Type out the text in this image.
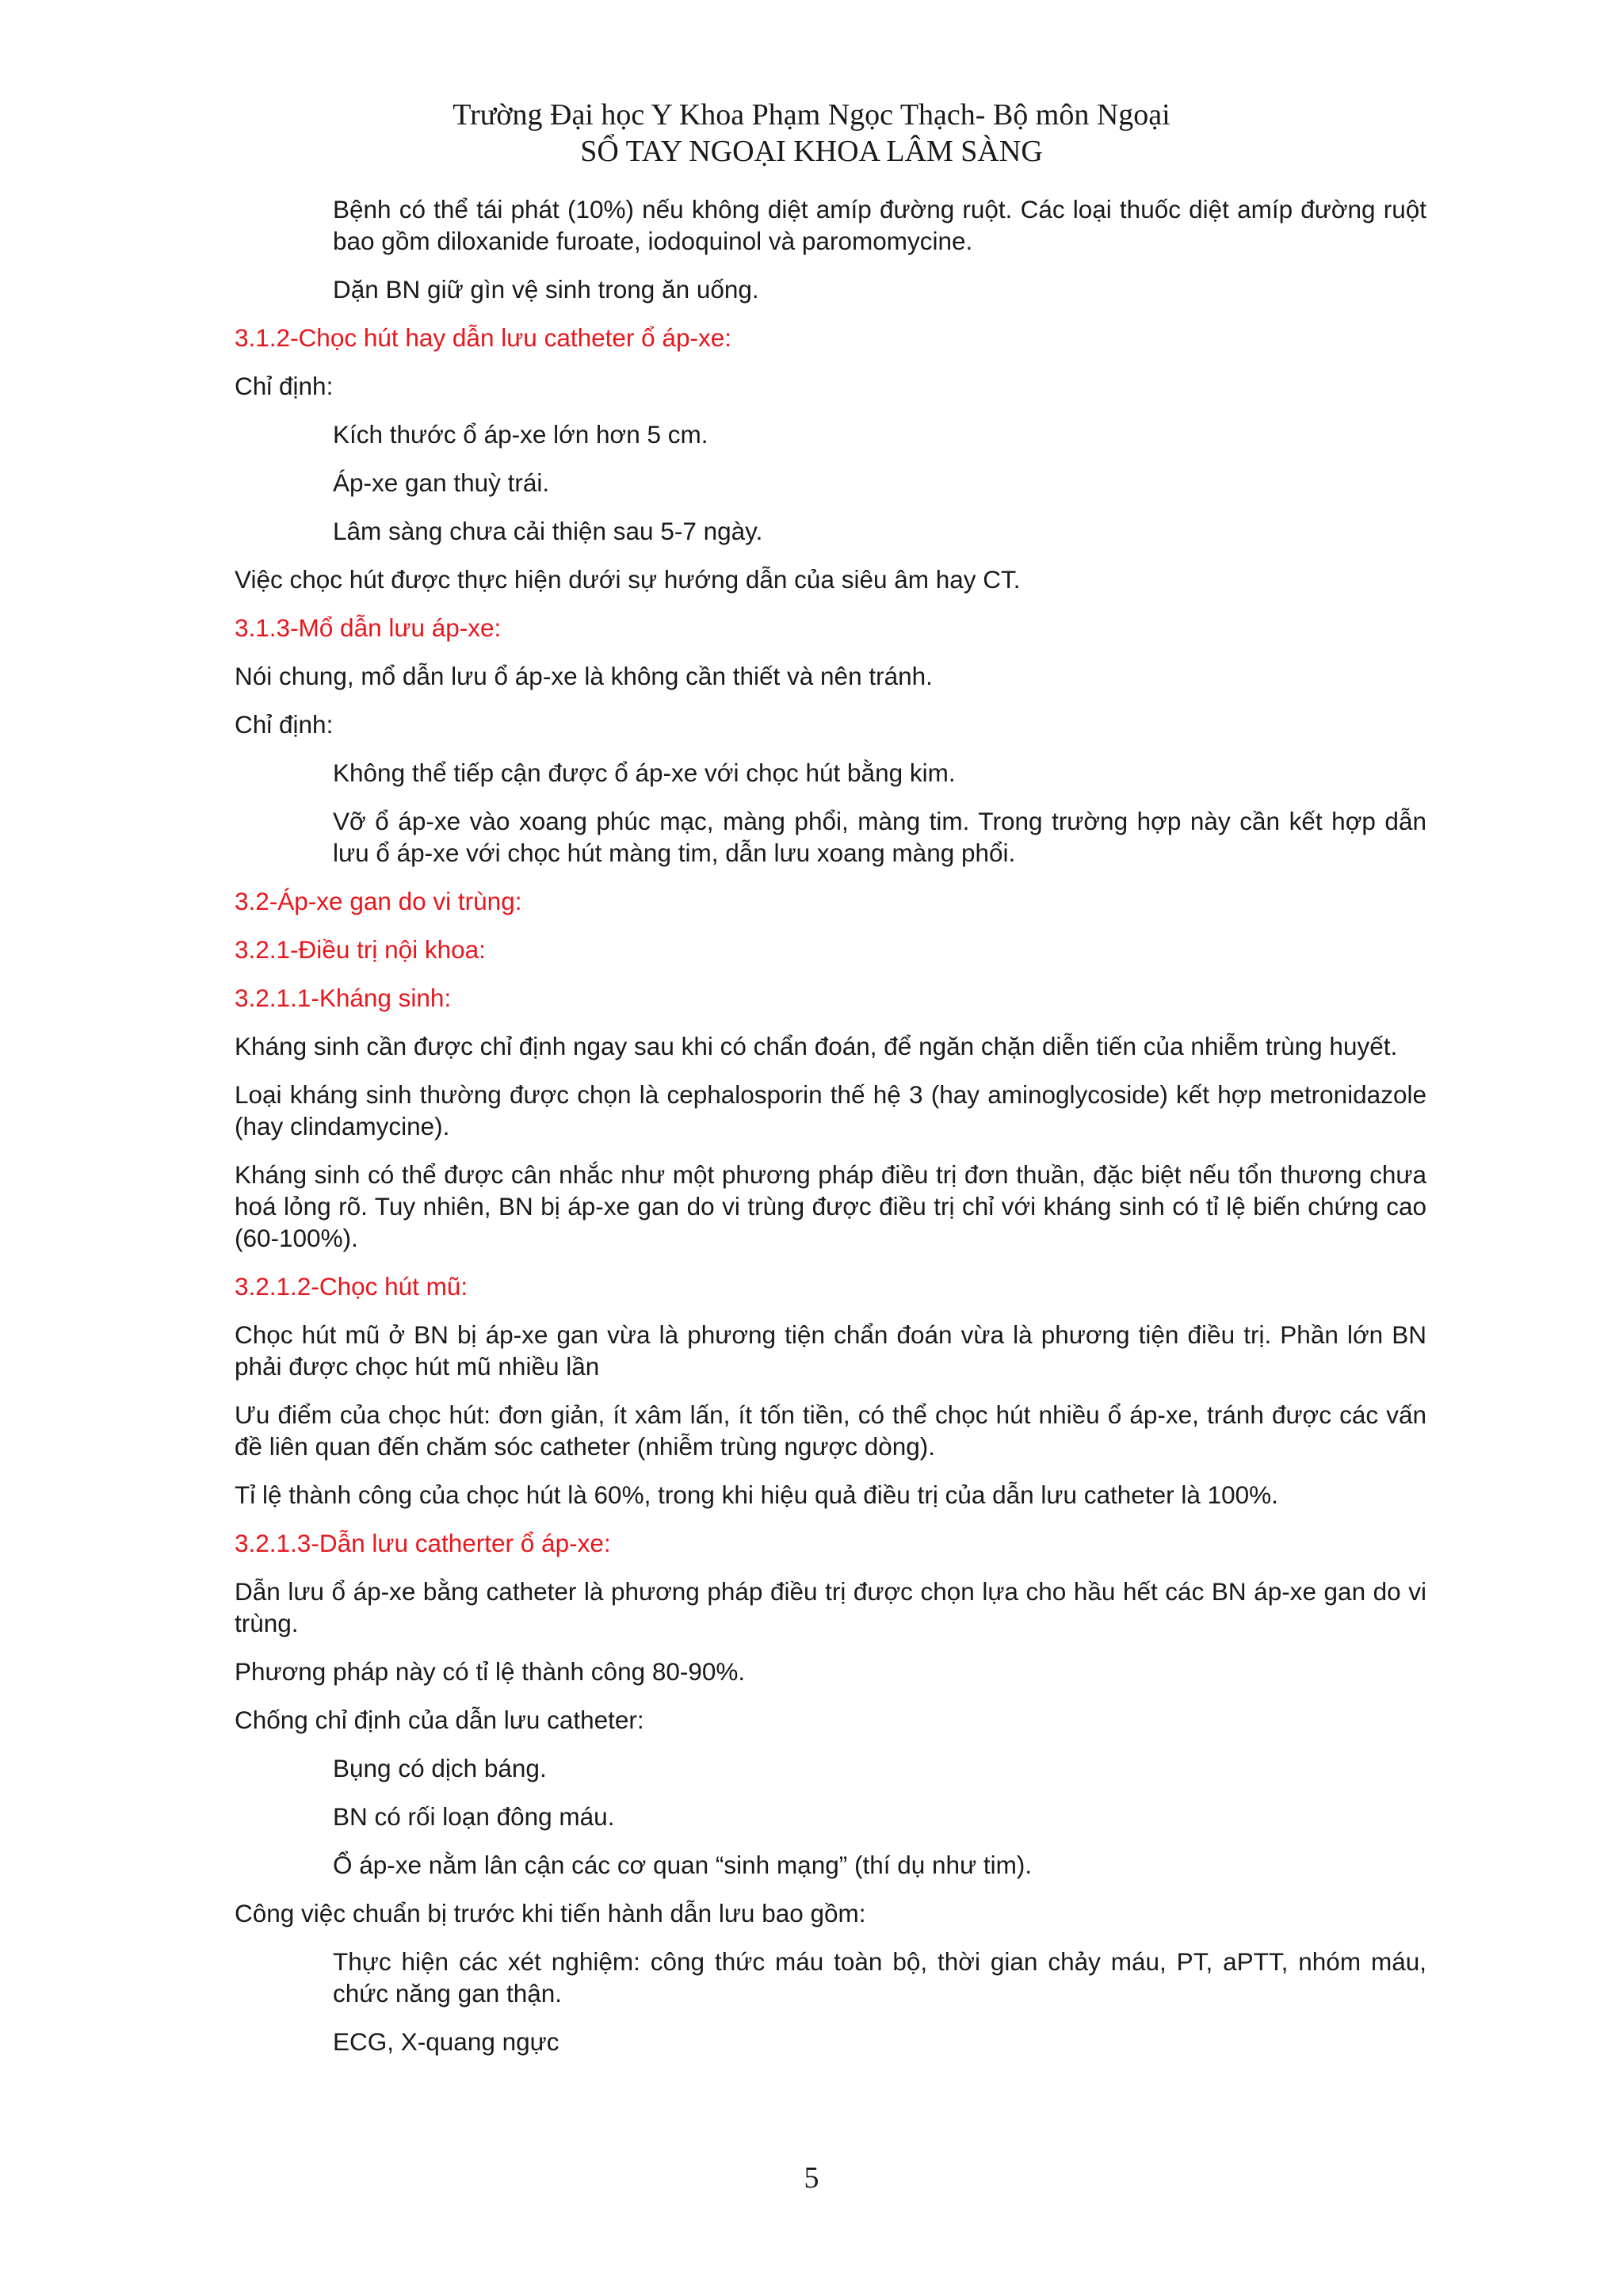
Trường Đại học Y Khoa Phạm Ngọc Thạch- Bộ môn Ngoại
SỔ TAY NGOẠI KHOA LÂM SÀNG
Bệnh có thể tái phát (10%) nếu không diệt amíp đường ruột. Các loại thuốc diệt amíp đường ruột bao gồm diloxanide furoate, iodoquinol và paromomycine.
Dặn BN giữ gìn vệ sinh trong ăn uống.
3.1.2-Chọc hút hay dẫn lưu catheter ổ áp-xe:
Chỉ định:
Kích thước ổ áp-xe lớn hơn 5 cm.
Áp-xe gan thuỳ trái.
Lâm sàng chưa cải thiện sau 5-7 ngày.
Việc chọc hút được thực hiện dưới sự hướng dẫn của siêu âm hay CT.
3.1.3-Mổ dẫn lưu áp-xe:
Nói chung, mổ dẫn lưu ổ áp-xe là không cần thiết và nên tránh.
Chỉ định:
Không thể tiếp cận được ổ áp-xe với chọc hút bằng kim.
Vỡ ổ áp-xe vào xoang phúc mạc, màng phổi, màng tim. Trong trường hợp này cần kết hợp dẫn lưu ổ áp-xe với chọc hút màng tim, dẫn lưu xoang màng phổi.
3.2-Áp-xe gan do vi trùng:
3.2.1-Điều trị nội khoa:
3.2.1.1-Kháng sinh:
Kháng sinh cần được chỉ định ngay sau khi có chẩn đoán, để ngăn chặn diễn tiến của nhiễm trùng huyết.
Loại kháng sinh thường được chọn là cephalosporin thế hệ 3 (hay aminoglycoside) kết hợp metronidazole (hay clindamycine).
Kháng sinh có thể được cân nhắc như một phương pháp điều trị đơn thuần, đặc biệt nếu tổn thương chưa hoá lỏng rõ. Tuy nhiên, BN bị áp-xe gan do vi trùng được điều trị chỉ với kháng sinh có tỉ lệ biến chứng cao (60-100%).
3.2.1.2-Chọc hút mũ:
Chọc hút mũ ở BN bị áp-xe gan vừa là phương tiện chẩn đoán vừa là phương tiện điều trị. Phần lớn BN phải được chọc hút mũ nhiều lần
Ưu điểm của chọc hút: đơn giản, ít xâm lấn, ít tốn tiền, có thể chọc hút nhiều ổ áp-xe, tránh được các vấn đề liên quan đến chăm sóc catheter (nhiễm trùng ngược dòng).
Tỉ lệ thành công của chọc hút là 60%, trong khi hiệu quả điều trị của dẫn lưu catheter là 100%.
3.2.1.3-Dẫn lưu catherter ổ áp-xe:
Dẫn lưu ổ áp-xe bằng catheter là phương pháp điều trị được chọn lựa cho hầu hết các BN áp-xe gan do vi trùng.
Phương pháp này có tỉ lệ thành công 80-90%.
Chống chỉ định của dẫn lưu catheter:
Bụng có dịch báng.
BN có rối loạn đông máu.
Ổ áp-xe nằm lân cận các cơ quan “sinh mạng” (thí dụ như tim).
Công việc chuẩn bị trước khi tiến hành dẫn lưu bao gồm:
Thực hiện các xét nghiệm: công thức máu toàn bộ, thời gian chảy máu, PT, aPTT, nhóm máu, chức năng gan thận.
ECG, X-quang ngực
5
